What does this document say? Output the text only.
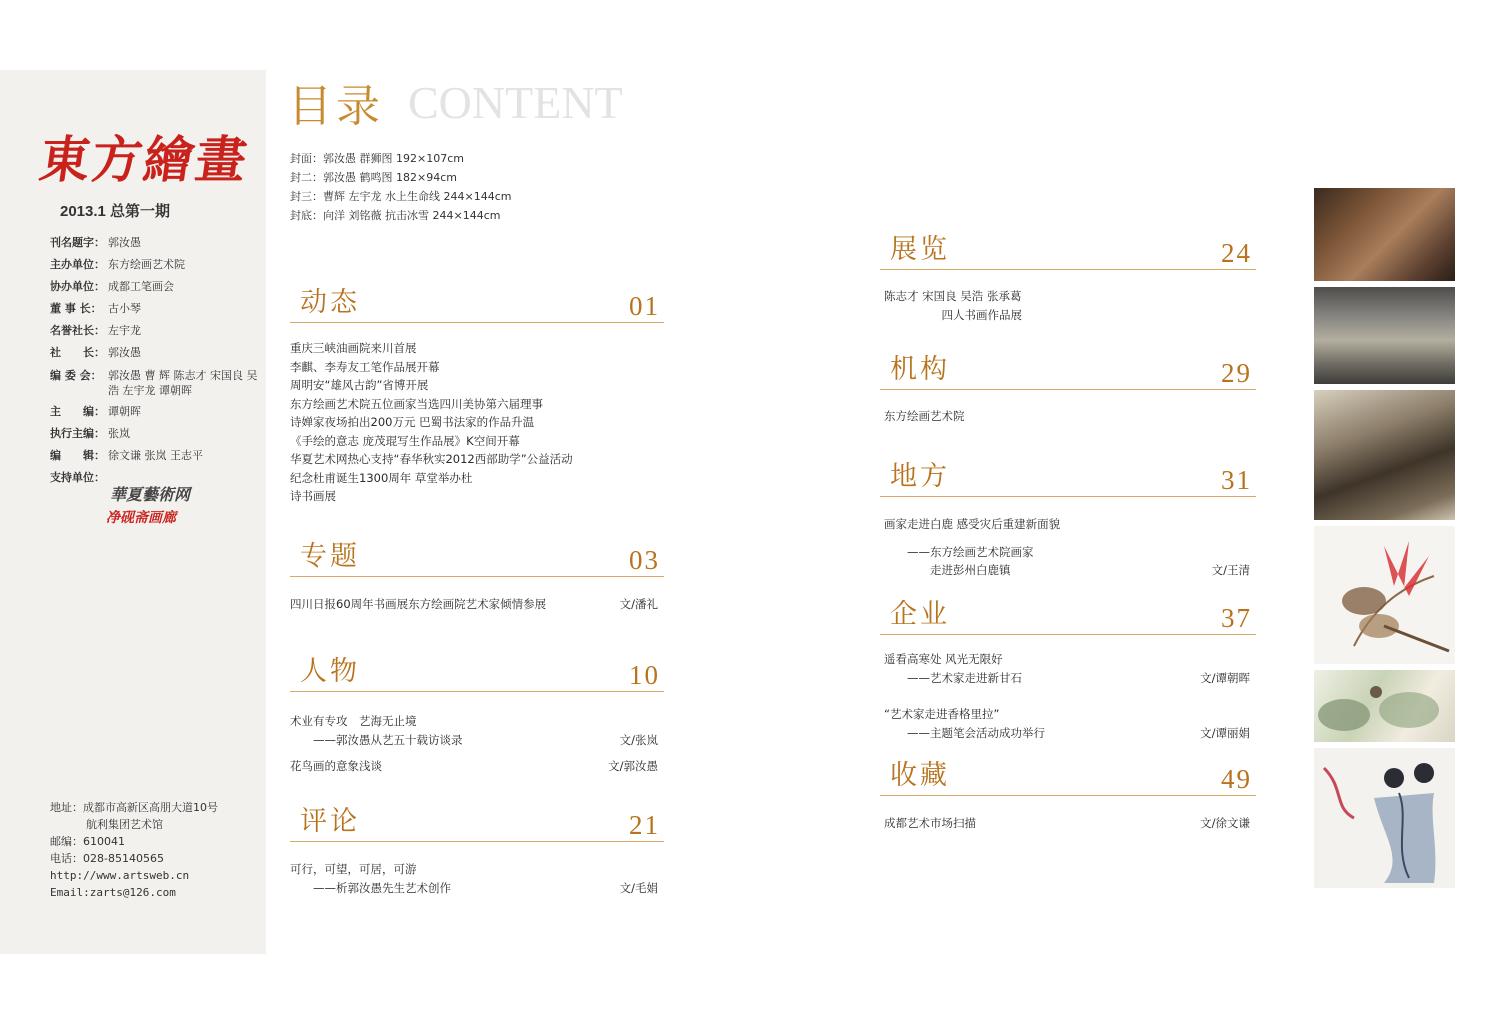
東方繪畫
2013.1 总第一期
刊名题字： 郭汝愚
主办单位： 东方绘画艺术院
协办单位： 成都工笔画会
董 事 长： 古小琴
名誉社长： 左宇龙
社　　长： 郭汝愚
编 委 会： 郭汝愚 曹 辉 陈志才 宋国良 吴 浩 左宇龙 谭朝晖
主　　编： 谭朝晖
执行主编： 张岚
编　　辑： 徐文谦 张岚 王志平
支持单位：
華夏藝術网
净砚斋画廊
地址：成都市高新区高朋大道10号
航利集团艺术馆
邮编：610041
电话：028-85140565
http://www.artsweb.cn
Email:zarts@126.com
目录 CONTENT
封面：郭汝愚 群狮图 192×107cm
封二：郭汝愚 鹤鸣图 182×94cm
封三：曹辉 左宇龙 水上生命线 244×144cm
封底：向洋 刘铭薇 抗击冰雪 244×144cm
动态	01
重庆三峡油画院来川首展
李麒、李寿友工笔作品展开幕
周明安“雄风古韵”省博开展
东方绘画艺术院五位画家当选四川美协第六届理事
诗婵家夜场拍出200万元 巴蜀书法家的作品升温
《手绘的意志 庞茂琨写生作品展》K空间开幕
华夏艺术网热心支持“春华秋实2012西部助学”公益活动
纪念杜甫诞生1300周年 草堂举办杜
诗书画展
专题	03
四川日报60周年书画展东方绘画院艺术家倾情参展	文/潘礼
人物	10
术业有专攻　艺海无止境
　　——郭汝愚从艺五十载访谈录	文/张岚
花鸟画的意象浅谈	文/郭汝愚
评论	21
可行，可望，可居，可游
　　——析郭汝愚先生艺术创作	文/毛娟
展览	24
陈志才 宋国良 吴浩 张承葛
　　　　　四人书画作品展
机构	29
东方绘画艺术院
地方	31
画家走进白鹿 感受灾后重建新面貌
　　——东方绘画艺术院画家
　　　　走进彭州白鹿镇	文/王清
企业	37
遥看高寒处 风光无限好
　　——艺术家走进新甘石	文/谭朝晖
“艺术家走进香格里拉”
　　——主题笔会活动成功举行	文/谭丽娟
收藏	49
成都艺术市场扫描	文/徐文谦
